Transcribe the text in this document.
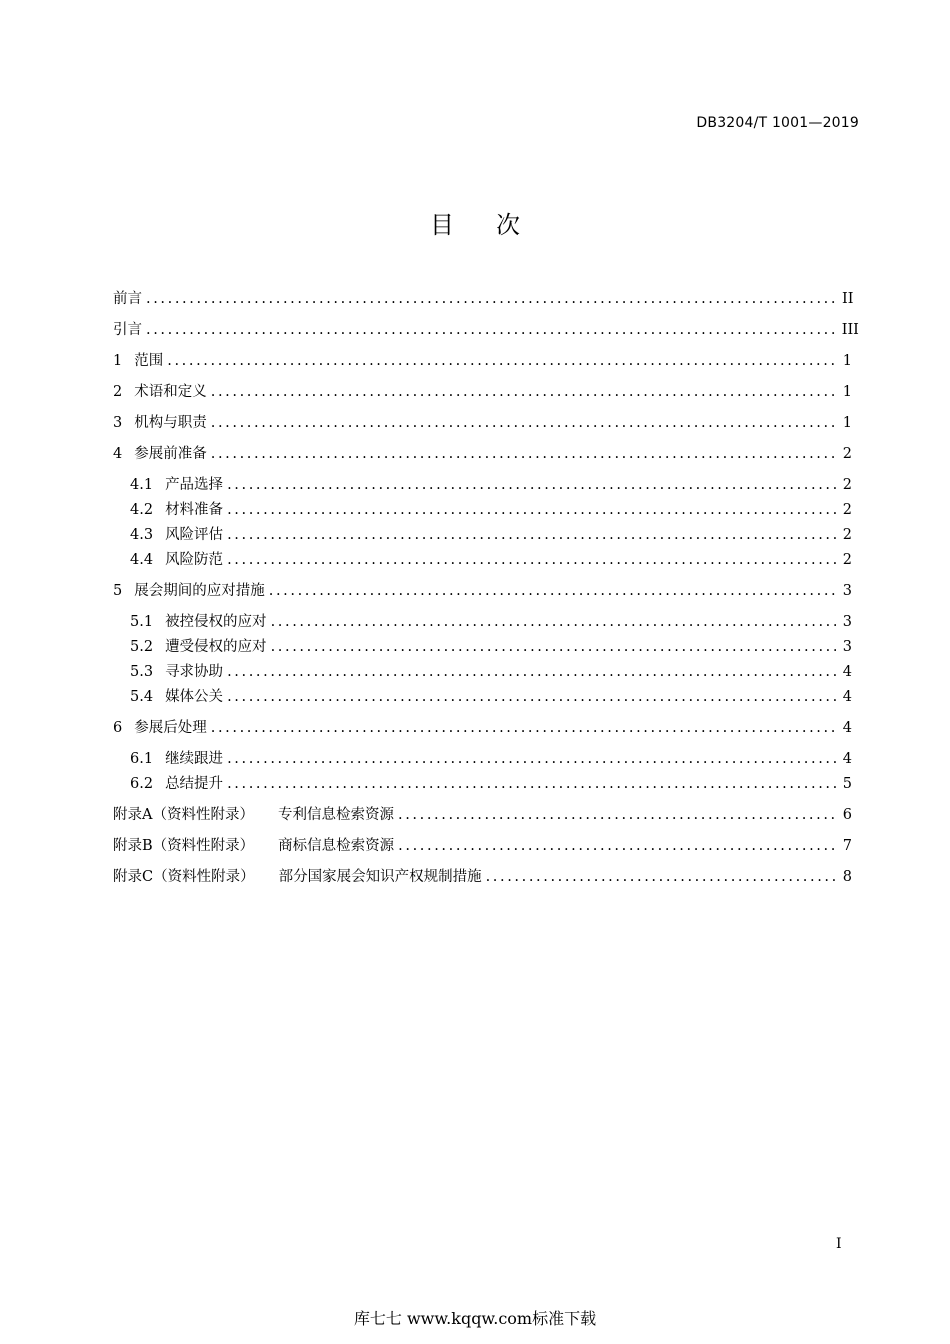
DB3204/T 1001—2019
目 次
前言 .....	II
引言 .....	III
1 范围 .....	1
2 术语和定义 .....	1
3 机构与职责 .....	1
4 参展前准备 .....	2
4.1 产品选择 .....	2
4.2 材料准备 .....	2
4.3 风险评估 .....	2
4.4 风险防范 .....	2
5 展会期间的应对措施 .....	3
5.1 被控侵权的应对 .....	3
5.2 遭受侵权的应对 .....	3
5.3 寻求协助 .....	4
5.4 媒体公关 .....	4
6 参展后处理 .....	4
6.1 继续跟进 .....	4
6.2 总结提升 .....	5
附录A（资料性附录） 专利信息检索资源 .....	6
附录B（资料性附录） 商标信息检索资源 .....	7
附录C（资料性附录） 部分国家展会知识产权规制措施 .....	8
I
库七七 www.kqqw.com标准下载
